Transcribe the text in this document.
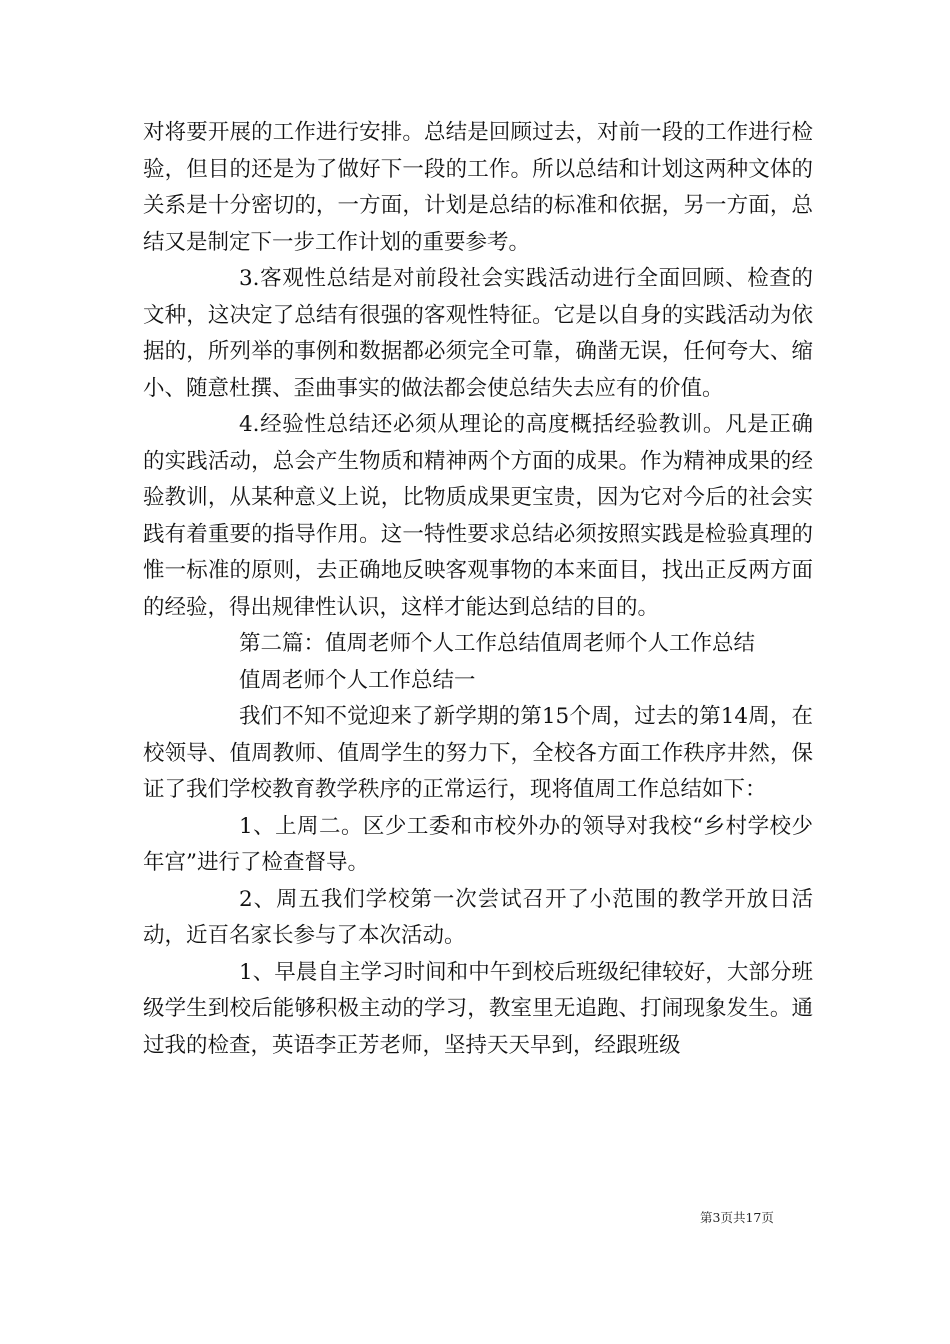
对将要开展的工作进行安排。总结是回顾过去，对前一段的工作进行检验，但目的还是为了做好下一段的工作。所以总结和计划这两种文体的关系是十分密切的，一方面，计划是总结的标准和依据，另一方面，总结又是制定下一步工作计划的重要参考。

3.客观性总结是对前段社会实践活动进行全面回顾、检查的文种，这决定了总结有很强的客观性特征。它是以自身的实践活动为依据的，所列举的事例和数据都必须完全可靠，确凿无误，任何夸大、缩小、随意杜撰、歪曲事实的做法都会使总结失去应有的价值。

4.经验性总结还必须从理论的高度概括经验教训。凡是正确的实践活动，总会产生物质和精神两个方面的成果。作为精神成果的经验教训，从某种意义上说，比物质成果更宝贵，因为它对今后的社会实践有着重要的指导作用。这一特性要求总结必须按照实践是检验真理的惟一标准的原则，去正确地反映客观事物的本来面目，找出正反两方面的经验，得出规律性认识，这样才能达到总结的目的。

第二篇：值周老师个人工作总结值周老师个人工作总结

值周老师个人工作总结一

我们不知不觉迎来了新学期的第15个周，过去的第14周，在校领导、值周教师、值周学生的努力下，全校各方面工作秩序井然，保证了我们学校教育教学秩序的正常运行，现将值周工作总结如下：

1、上周二。区少工委和市校外办的领导对我校“乡村学校少年宫”进行了检查督导。

2、周五我们学校第一次尝试召开了小范围的教学开放日活动，近百名家长参与了本次活动。

1、早晨自主学习时间和中午到校后班级纪律较好，大部分班级学生到校后能够积极主动的学习，教室里无追跑、打闹现象发生。通过我的检查，英语李正芳老师，坚持天天早到，经跟班级

第3页共17页
